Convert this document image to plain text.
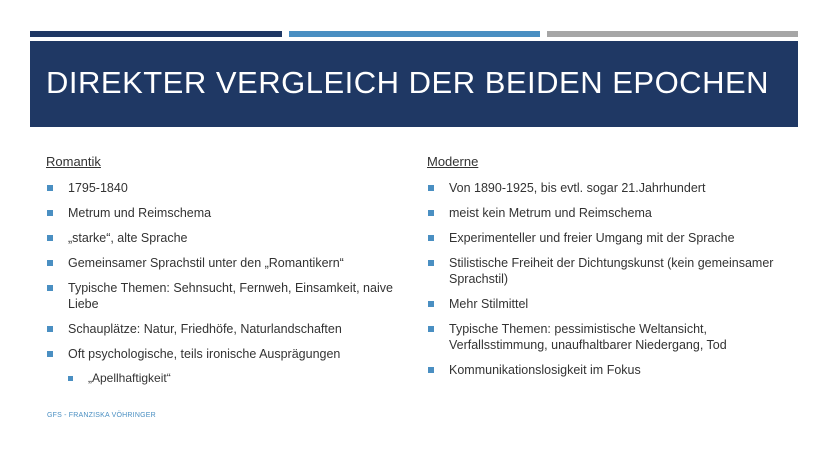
DIREKTER VERGLEICH DER BEIDEN EPOCHEN
Romantik
1795-1840
Metrum und Reimschema
„starke“, alte Sprache
Gemeinsamer Sprachstil unter den „Romantikern“
Typische Themen: Sehnsucht, Fernweh, Einsamkeit, naive Liebe
Schauplätze: Natur, Friedhöfe, Naturlandschaften
Oft psychologische, teils ironische Ausprägungen
„Apellhaftigkeit“
Moderne
Von 1890-1925, bis evtl. sogar 21.Jahrhundert
meist kein Metrum und Reimschema
Experimenteller und freier Umgang mit der Sprache
Stilistische Freiheit der Dichtungskunst (kein gemeinsamer Sprachstil)
Mehr Stilmittel
Typische Themen: pessimistische Weltansicht, Verfallsstimmung, unaufhaltbarer Niedergang, Tod
Kommunikationslosigkeit im Fokus
GFS - FRANZISKA VÖHRINGER
